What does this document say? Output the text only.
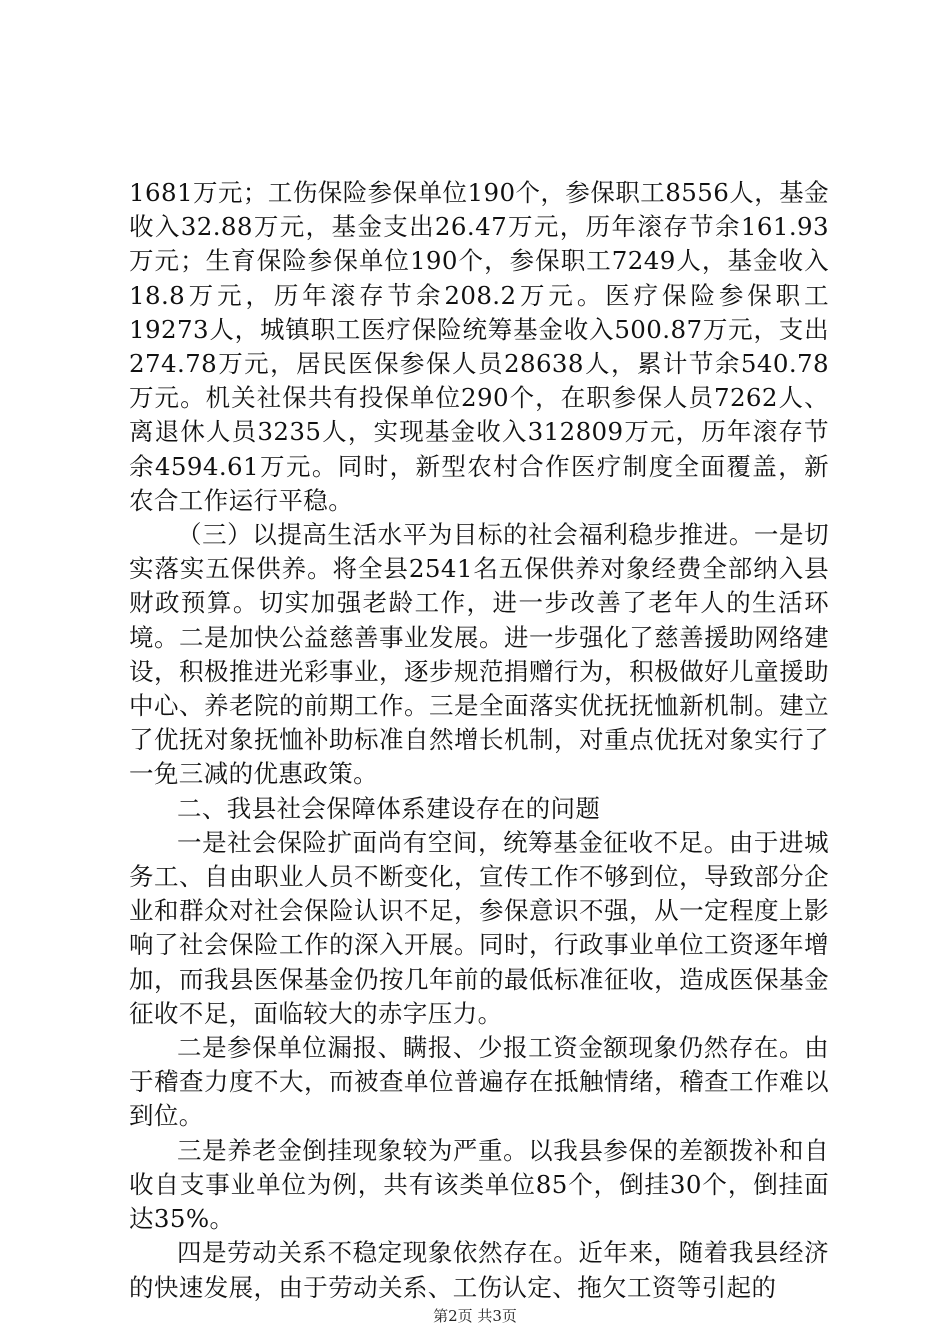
1681万元；工伤保险参保单位190个，参保职工8556人，基金收入32.88万元，基金支出26.47万元，历年滚存节余161.93万元；生育保险参保单位190个，参保职工7249人，基金收入18.8万元，历年滚存节余208.2万元。医疗保险参保职工19273人，城镇职工医疗保险统筹基金收入500.87万元，支出274.78万元，居民医保参保人员28638人，累计节余540.78万元。机关社保共有投保单位290个，在职参保人员7262人、离退休人员3235人，实现基金收入312809万元，历年滚存节余4594.61万元。同时，新型农村合作医疗制度全面覆盖，新农合工作运行平稳。

（三）以提高生活水平为目标的社会福利稳步推进。一是切实落实五保供养。将全县2541名五保供养对象经费全部纳入县财政预算。切实加强老龄工作，进一步改善了老年人的生活环境。二是加快公益慈善事业发展。进一步强化了慈善援助网络建设，积极推进光彩事业，逐步规范捐赠行为，积极做好儿童援助中心、养老院的前期工作。三是全面落实优抚抚恤新机制。建立了优抚对象抚恤补助标准自然增长机制，对重点优抚对象实行了一免三减的优惠政策。

二、我县社会保障体系建设存在的问题

一是社会保险扩面尚有空间，统筹基金征收不足。由于进城务工、自由职业人员不断变化，宣传工作不够到位，导致部分企业和群众对社会保险认识不足，参保意识不强，从一定程度上影响了社会保险工作的深入开展。同时，行政事业单位工资逐年增加，而我县医保基金仍按几年前的最低标准征收，造成医保基金征收不足，面临较大的赤字压力。

二是参保单位漏报、瞒报、少报工资金额现象仍然存在。由于稽查力度不大，而被查单位普遍存在抵触情绪，稽查工作难以到位。

三是养老金倒挂现象较为严重。以我县参保的差额拨补和自收自支事业单位为例，共有该类单位85个，倒挂30个，倒挂面达35%。

四是劳动关系不稳定现象依然存在。近年来，随着我县经济的快速发展，由于劳动关系、工伤认定、拖欠工资等引起的

第2页 共3页
